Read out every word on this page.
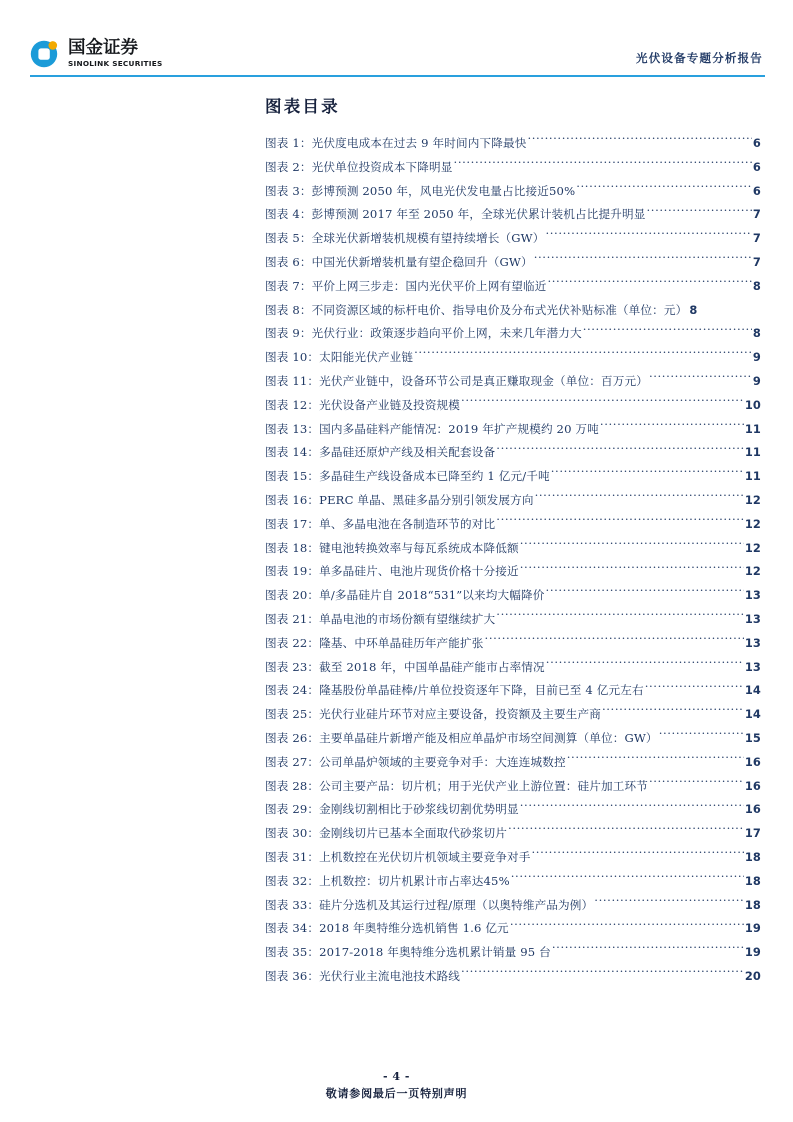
国金证券
SINOLINK SECURITIES	光伏设备专题分析报告
图表目录
图表 1：光伏度电成本在过去 9 年时间内下降最快 .....	6
图表 2：光伏单位投资成本下降明显 .....	6
图表 3：彭博预测 2050 年，风电光伏发电量占比接近50% .....	6
图表 4：彭博预测 2017 年至 2050 年，全球光伏累计装机占比提升明显 .....	7
图表 5：全球光伏新增装机规模有望持续增长（GW） .....	7
图表 6：中国光伏新增装机量有望企稳回升（GW） .....	7
图表 7：平价上网三步走：国内光伏平价上网有望临近 .....	8
图表 8：不同资源区域的标杆电价、指导电价及分布式光伏补贴标准（单位： 元） 8
图表 9：光伏行业：政策逐步趋向平价上网，未来几年潜力大 .....	8
图表 10：太阳能光伏产业链 .....	9
图表 11：光伏产业链中，设备环节公司是真正赚取现金（单位：百万元） .....	9
图表 12：光伏设备产业链及投资规模 .....	10
图表 13：国内多晶硅料产能情况：2019 年扩产规模约 20 万吨 .....	11
图表 14：多晶硅还原炉产线及相关配套设备 .....	11
图表 15：多晶硅生产线设备成本已降至约 1 亿元/千吨 .....	11
图表 16：PERC 单晶、黑硅多晶分别引领发展方向 .....	12
图表 17：单、多晶电池在各制造环节的对比 .....	12
图表 18：键电池转换效率与每瓦系统成本降低额 .....	12
图表 19：单多晶硅片、电池片现货价格十分接近 .....	12
图表 20：单/多晶硅片自 2018“531”以来均大幅降价 .....	13
图表 21：单晶电池的市场份额有望继续扩大 .....	13
图表 22：隆基、中环单晶硅历年产能扩张 .....	13
图表 23：截至 2018 年，中国单晶硅产能市占率情况 .....	13
图表 24：隆基股份单晶硅棒/片单位投资逐年下降，目前已至 4 亿元左右 .....	14
图表 25：光伏行业硅片环节对应主要设备，投资额及主要生产商 .....	14
图表 26：主要单晶硅片新增产能及相应单晶炉市场空间测算（单位：GW） .....	15
图表 27：公司单晶炉领域的主要竞争对手：大连连城数控 .....	16
图表 28：公司主要产品：切片机；用于光伏产业上游位置：硅片加工环节 .....	16
图表 29：金刚线切割相比于砂浆线切割优势明显 .....	16
图表 30：金刚线切片已基本全面取代砂浆切片 .....	17
图表 31：上机数控在光伏切片机领域主要竞争对手 .....	18
图表 32：上机数控：切片机累计市占率达45% .....	18
图表 33：硅片分选机及其运行过程/原理（以奥特维产品为例） .....	18
图表 34：2018 年奥特维分选机销售 1.6 亿元 .....	19
图表 35：2017-2018 年奥特维分选机累计销量 95 台 .....	19
图表 36：光伏行业主流电池技术路线 .....	20
- 4 -
敬请参阅最后一页特别声明
